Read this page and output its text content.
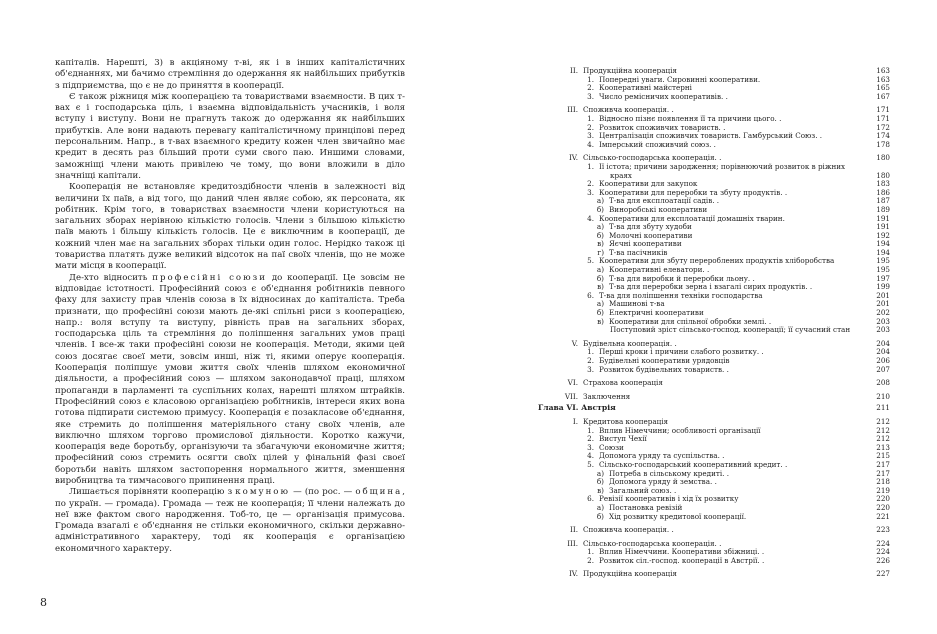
капіталів. Нарешті, 3) в акціяному т-ві, як і в інших капіталістичних об'єднаннях, ми бачимо стремління до одержання як найбільших прибутків з підприємства, що є не до приняття в кооперації.

Є також ріжниця між кооперацією та товариствами взаємности. В цих т-вах є і господарська ціль, і взаємна відповідальність учасників, і воля вступу і виступу. Вони не прагнуть також до одержання як найбільших прибутків. Але вони надають перевагу капіталістичному принціпові перед персональним. Напр., в т-вах взаємного кредиту кожен член звичайно має кредит в десять раз більший проти суми свого паю. Иншими словами, заможніщі члени мають привілею че тому, що вони вложили в діло значніщі капітали.

Кооперація не встановляє кредитоздібности членів в залежності від величини їх паїв, а від того, що даний член являє собою, як персоната, як робітник. Крім того, в товариствах взаємности члени користуються на загальних зборах нерівною кількістю голосів. Члени з більшою кількістю паїв мають і більшу кількість голосів. Це є виключним в кооперації, де кожний член має на загальних зборах тільки один голос. Нерідко також ці товариства платять дуже великий відсоток на паї своїх членів, що не може мати місця в кооперації.

Де-хто відносить професійні союзи до кооперації. Це зовсім не відповідає істотності. Професійний союз є об'єднання робітників певного фаху для захисту прав членів союза в їх відносинах до капіталіста. Треба признати, що професійні союзи мають де-які спільні риси з кооперацією, напр.: воля вступу та виступу, рівність прав на загальних зборах, господарська ціль та стремління до поліпшення загальних умов праці членів. І все-ж таки професійні союзи не кооперація. Методи, якими цей союз досягає своєї мети, зовсім инші, ніж ті, якими оперує кооперація. Кооперація поліпшує умови життя своїх членів шляхом економичної діяльности, а професійний союз — шляхом законодавчої праці, шляхом пропаганди в парламенті та суспільних колах, нарешті шляхом штрайків. Професійний союз є класовою організацією робітників, інтереси яких вона готова підпирати системою примусу. Кооперація є позакласове об'єднання, яке стремить до поліпшення матеріяльного стану своїх членів, але виключно шляхом торгово промислової діяльности. Коротко кажучи, кооперація веде боротьбу, організуючи та збагачуючи економичне життя; професійний союз стремить осягти своїх цілей у фінальній фазі своєї боротьби навіть шляхом застопорення нормального життя, зменшення виробництва та тимчасового припинення праці.

Лишається порівняти кооперацію з комуною — (по рос. — община, по україн. — громада). Громада — теж не кооперація; її члени належать до неї вже фактом свого народження. Тоб-то, це — організація примусова. Громада взагалі є об'єднання не стільки економичного, скільки державно-адміністративного характеру, тоді як кооперація є організацією економичного характеру.

8
II. Продукційна кооперація	163
1. Попередні уваги. Сировинні кооперативи.	163
2. Кооперативні майстерні	165
3. Число ремісничих кооперативів. .	167
III. Споживча кооперація. .	171
1. Відносно пізнє появлення її та причини цього. .	171
2. Розвиток споживчих товариств. .	172
3. Централізація споживчих товариств. Гамбурський Союз. .	174
4. Імперський споживчий союз. .	178
IV. Сільсько-господарська кооперація. .	180
1. Її істота; причини зародження; порівнюючий розвиток в ріжних
краях	180
2. Кооперативи для закупок	183
3. Кооперативи для переробки та збуту продуктів. .	186
а) Т-ва для експлоатації садів. .	187
б) Виноробські кооперативи	189
4. Кооперативи для експлоатації домашніх тварин.	191
а) Т-ва для збуту худоби	191
б) Молочні кооперативи	192
в) Яєчні кооперативи	194
г) Т-ва пасічників	194
5. Кооперативи для збуту перероблених продуктів хліборобства	195
а) Кооперативні елеватори. .	195
б) Т-ва для виробки й переробки льону. .	197
в) Т-ва для переробки зерна і взагалі сирих продуктів. .	199
6. Т-ва для поліпшення техніки господарства	201
а) Машинові т-ва	201
б) Електричні кооперативи	202
в) Кооперативи для спільної обробки землі. .	203
Поступовий зріст сільсько-господ. кооперації; її сучасний стан	203
V. Будівельна кооперація. .	204
1. Перші кроки і причини слабого розвитку. .	204
2. Будівельні кооперативи урядовців	206
3. Розвиток будівельних товариств. .	207
VI. Страхова кооперація	208
VII. Заключення	210
Глава VI. Австрія	211
I. Кредитова кооперація	212
1. Вплив Німеччини; особливості організації	212
2. Виступ Чехії	212
3. Союзи	213
4. Допомога уряду та суспільства. .	215
5. Сільсько-господарський кооперативний кредит. .	217
а) Потреба в сільському кредиті. .	217
б) Допомога уряду й земства. .	218
в) Загальний союз. .	219
6. Ревізії кооперативів і хід їх розвитку	220
а) Постановка ревізій	220
б) Хід розвитку кредитової кооперації.	221
II. Споживча кооперація. .	223
III. Сільсько-господарська кооперація. .	224
1. Вплив Німеччини. Кооперативи збіжниці. .	224
2. Розвиток сіл.-господ. кооперації в Австрії. .	226
IV. Продукційна кооперація	227
